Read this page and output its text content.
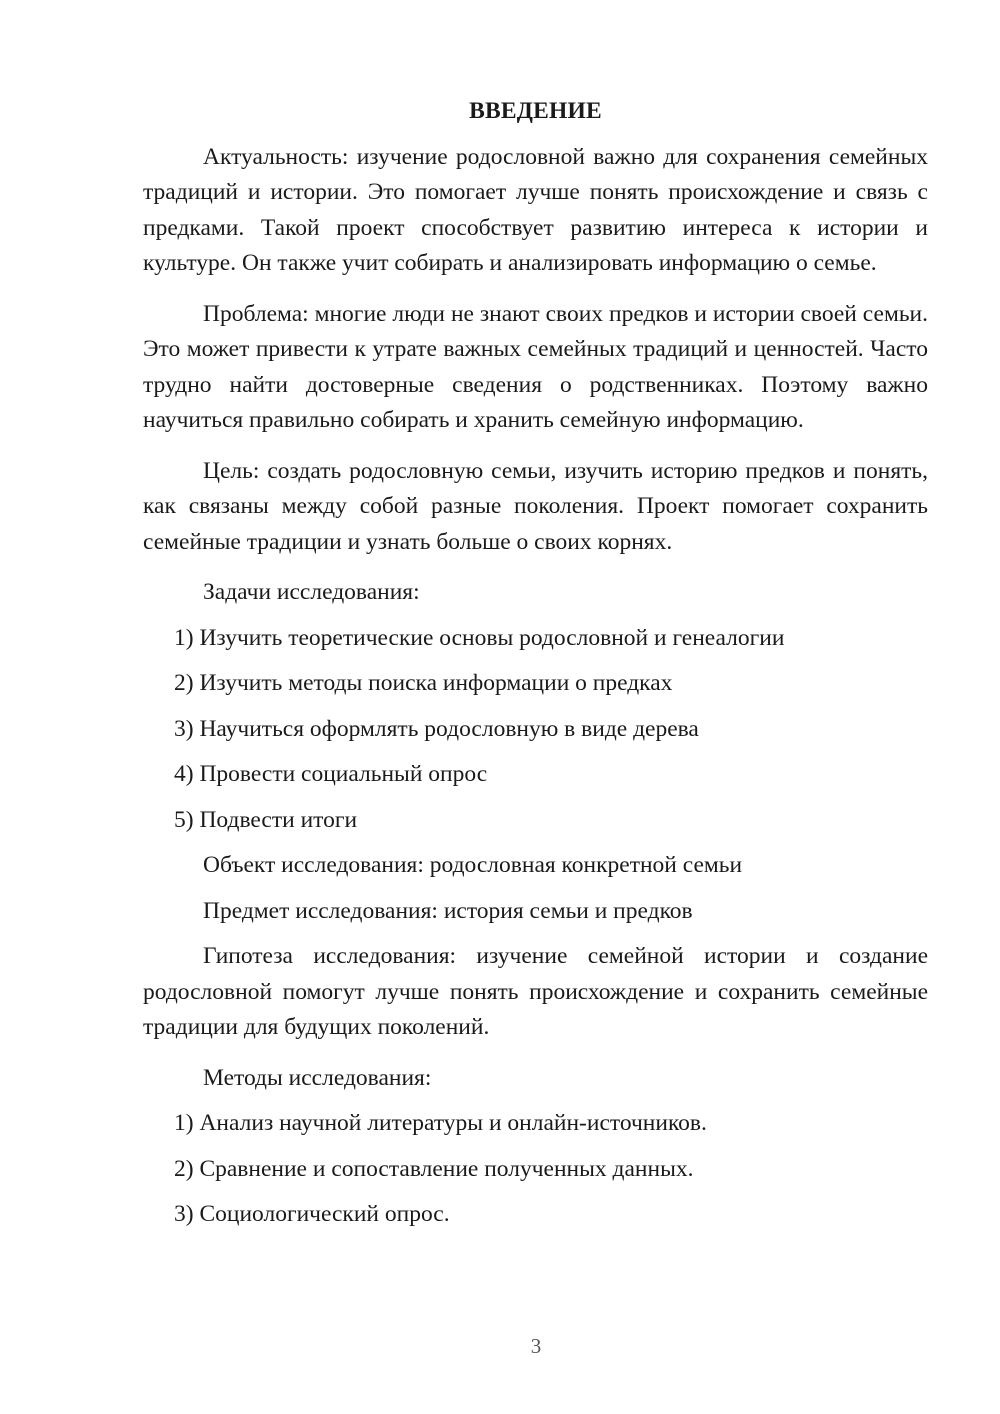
ВВЕДЕНИЕ

Актуальность: изучение родословной важно для сохранения семейных традиций и истории. Это помогает лучше понять происхождение и связь с предками. Такой проект способствует развитию интереса к истории и культуре. Он также учит собирать и анализировать информацию о семье.

Проблема: многие люди не знают своих предков и истории своей семьи. Это может привести к утрате важных семейных традиций и ценностей. Часто трудно найти достоверные сведения о родственниках. Поэтому важно научиться правильно собирать и хранить семейную информацию.

Цель: создать родословную семьи, изучить историю предков и понять, как связаны между собой разные поколения. Проект помогает сохранить семейные традиции и узнать больше о своих корнях.

Задачи исследования:
1) Изучить теоретические основы родословной и генеалогии
2) Изучить методы поиска информации о предках
3) Научиться оформлять родословную в виде дерева
4) Провести социальный опрос
5) Подвести итоги
Объект исследования: родословная конкретной семьи
Предмет исследования: история семьи и предков

Гипотеза исследования: изучение семейной истории и создание родословной помогут лучше понять происхождение и сохранить семейные традиции для будущих поколений.

Методы исследования:
1) Анализ научной литературы и онлайн-источников.
2) Сравнение и сопоставление полученных данных.
3) Социологический опрос.
3
